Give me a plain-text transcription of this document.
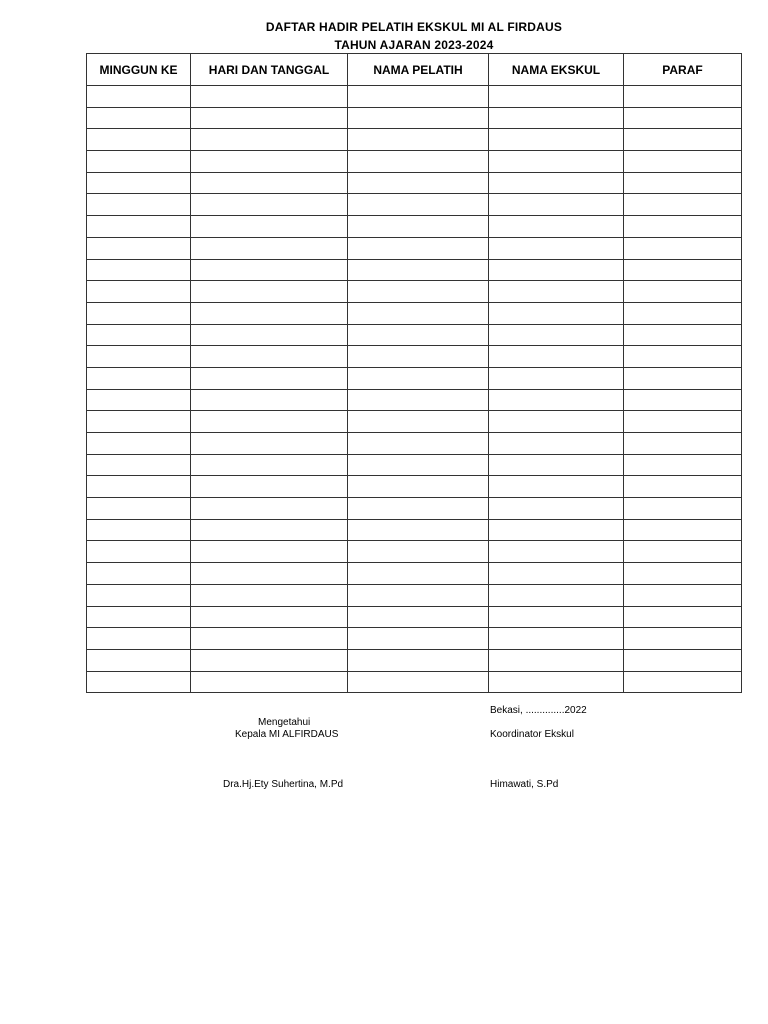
DAFTAR HADIR PELATIH EKSKUL MI AL FIRDAUS
TAHUN AJARAN 2023-2024
MINGGUN KE	HARI DAN TANGGAL	NAMA PELATIH	NAMA EKSKUL	PARAF

Bekasi, ..............2022
Mengetahui
Kepala MI ALFIRDAUS	Koordinator Ekskul
Dra.Hj.Ety Suhertina, M.Pd	Himawati, S.Pd
